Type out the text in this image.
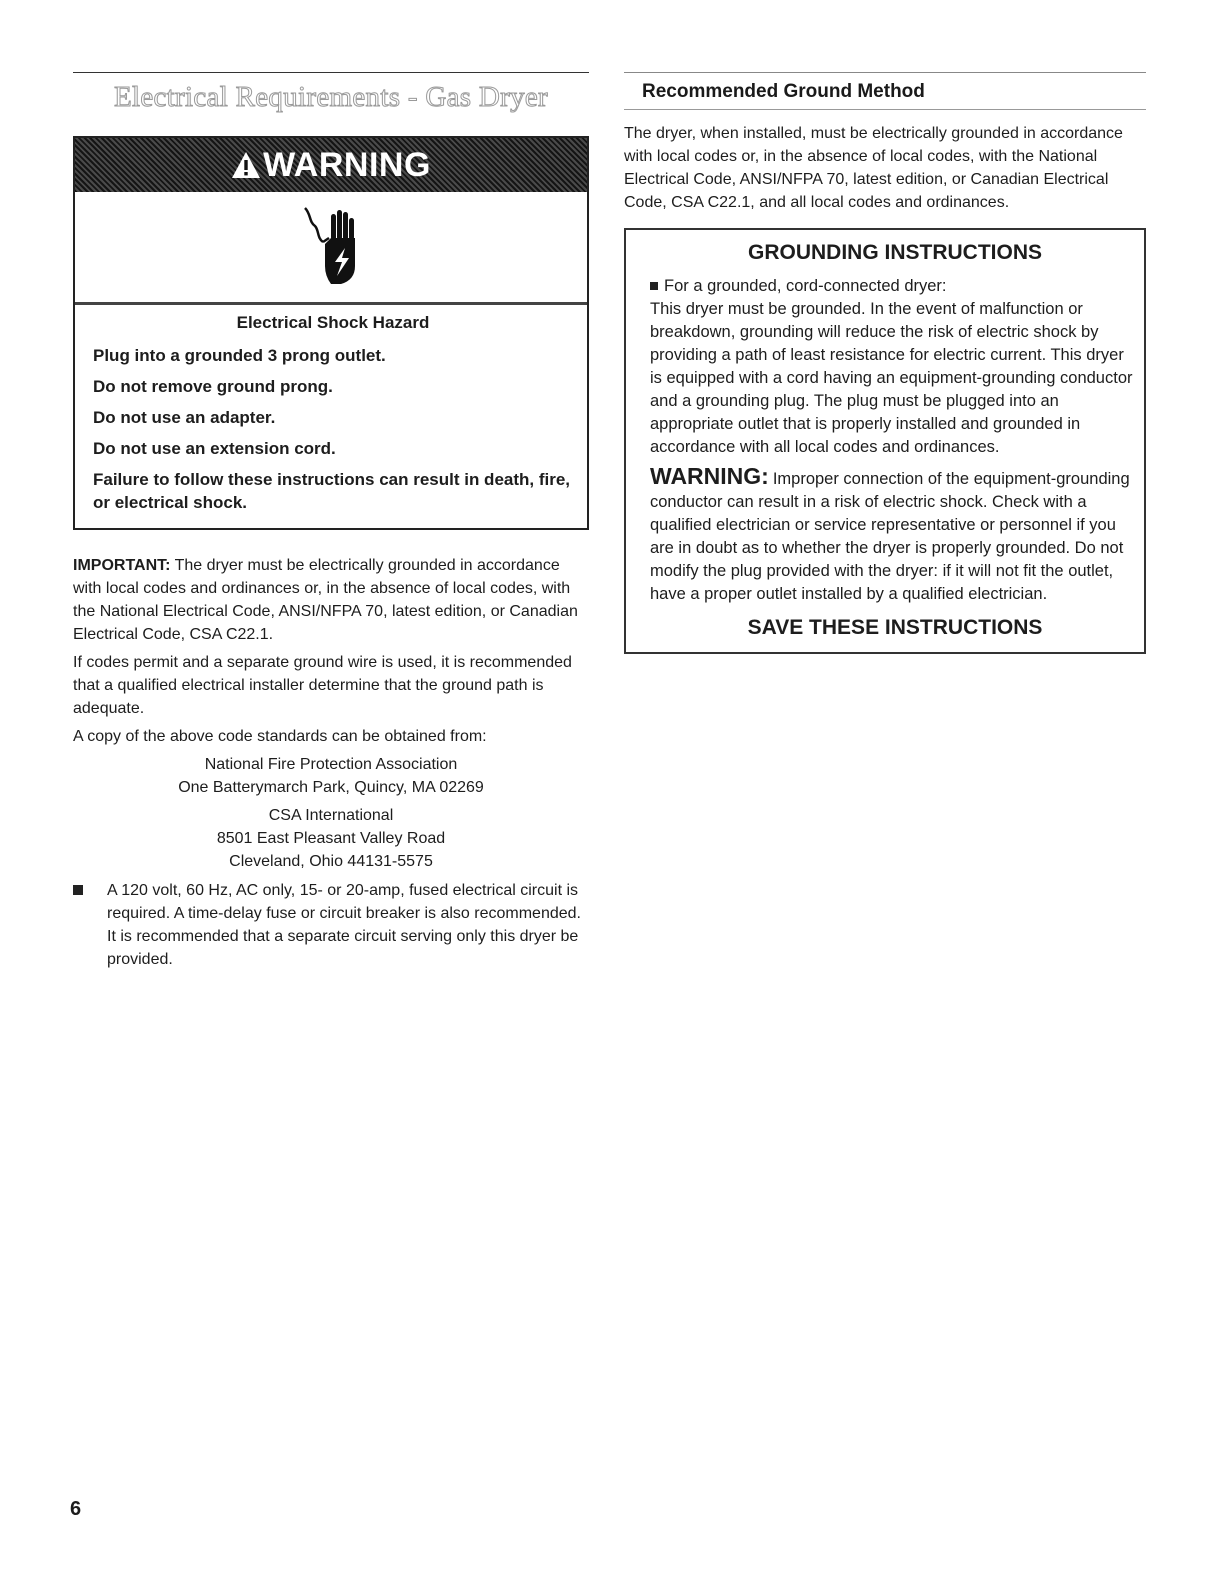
Electrical Requirements - Gas Dryer
WARNING
Electrical Shock Hazard

Plug into a grounded 3 prong outlet.

Do not remove ground prong.

Do not use an adapter.

Do not use an extension cord.

Failure to follow these instructions can result in death, fire, or electrical shock.

IMPORTANT: The dryer must be electrically grounded in accordance with local codes and ordinances or, in the absence of local codes, with the National Electrical Code, ANSI/NFPA 70, latest edition, or Canadian Electrical Code, CSA C22.1.

If codes permit and a separate ground wire is used, it is recommended that a qualified electrical installer determine that the ground path is adequate.

A copy of the above code standards can be obtained from:

National Fire Protection Association
One Batterymarch Park, Quincy, MA 02269
CSA International
8501 East Pleasant Valley Road
Cleveland, Ohio 44131-5575
A 120 volt, 60 Hz, AC only, 15- or 20-amp, fused electrical circuit is required. A time-delay fuse or circuit breaker is also recommended. It is recommended that a separate circuit serving only this dryer be provided.
Recommended Ground Method

The dryer, when installed, must be electrically grounded in accordance with local codes or, in the absence of local codes, with the National Electrical Code, ANSI/NFPA 70, latest edition, or Canadian Electrical Code, CSA C22.1, and all local codes and ordinances.

GROUNDING INSTRUCTIONS

For a grounded, cord-connected dryer:

This dryer must be grounded. In the event of malfunction or breakdown, grounding will reduce the risk of electric shock by providing a path of least resistance for electric current. This dryer is equipped with a cord having an equipment-grounding conductor and a grounding plug. The plug must be plugged into an appropriate outlet that is properly installed and grounded in accordance with all local codes and ordinances.

WARNING: Improper connection of the equipment-grounding conductor can result in a risk of electric shock. Check with a qualified electrician or service representative or personnel if you are in doubt as to whether the dryer is properly grounded. Do not modify the plug provided with the dryer: if it will not fit the outlet, have a proper outlet installed by a qualified electrician.

SAVE THESE INSTRUCTIONS
6
